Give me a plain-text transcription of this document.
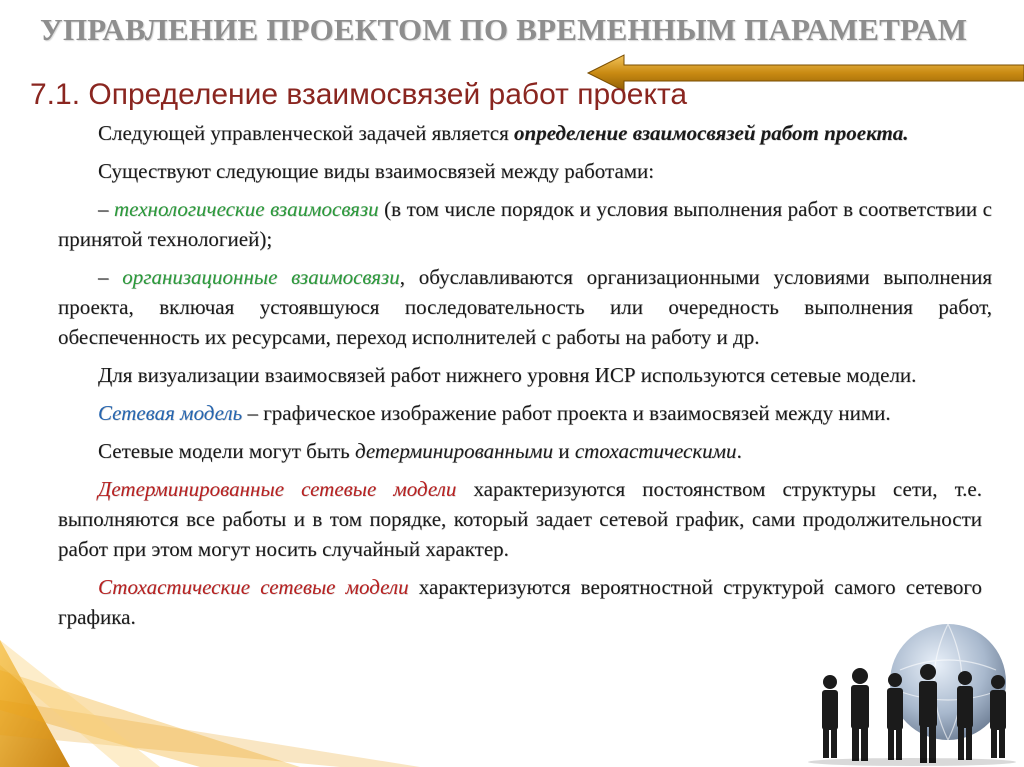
УПРАВЛЕНИЕ ПРОЕКТОМ ПО ВРЕМЕННЫМ ПАРАМЕТРАМ
7.1. Определение взаимосвязей работ проекта

Следующей управленческой задачей является определение взаимосвязей работ проекта.

Существуют следующие виды взаимосвязей между работами:

– технологические взаимосвязи (в том числе порядок и условия выполнения работ в соответствии с принятой технологией);

– организационные взаимосвязи, обуславливаются организационными условиями выполнения проекта, включая устоявшуюся последовательность или очередность выполнения работ, обеспеченность их ресурсами, переход исполнителей с работы на работу и др.

Для визуализации взаимосвязей работ нижнего уровня ИСР используются сетевые модели.

Сетевая модель – графическое изображение работ проекта и взаимосвязей между ними.

Сетевые модели могут быть детерминированными и стохастическими.

Детерминированные сетевые модели характеризуются постоянством структуры сети, т.е. выполняются все работы и в том порядке, который задает сетевой график, сами продолжительности работ при этом могут носить случайный характер.

Стохастические сетевые модели характеризуются вероятностной структурой самого сетевого графика.
